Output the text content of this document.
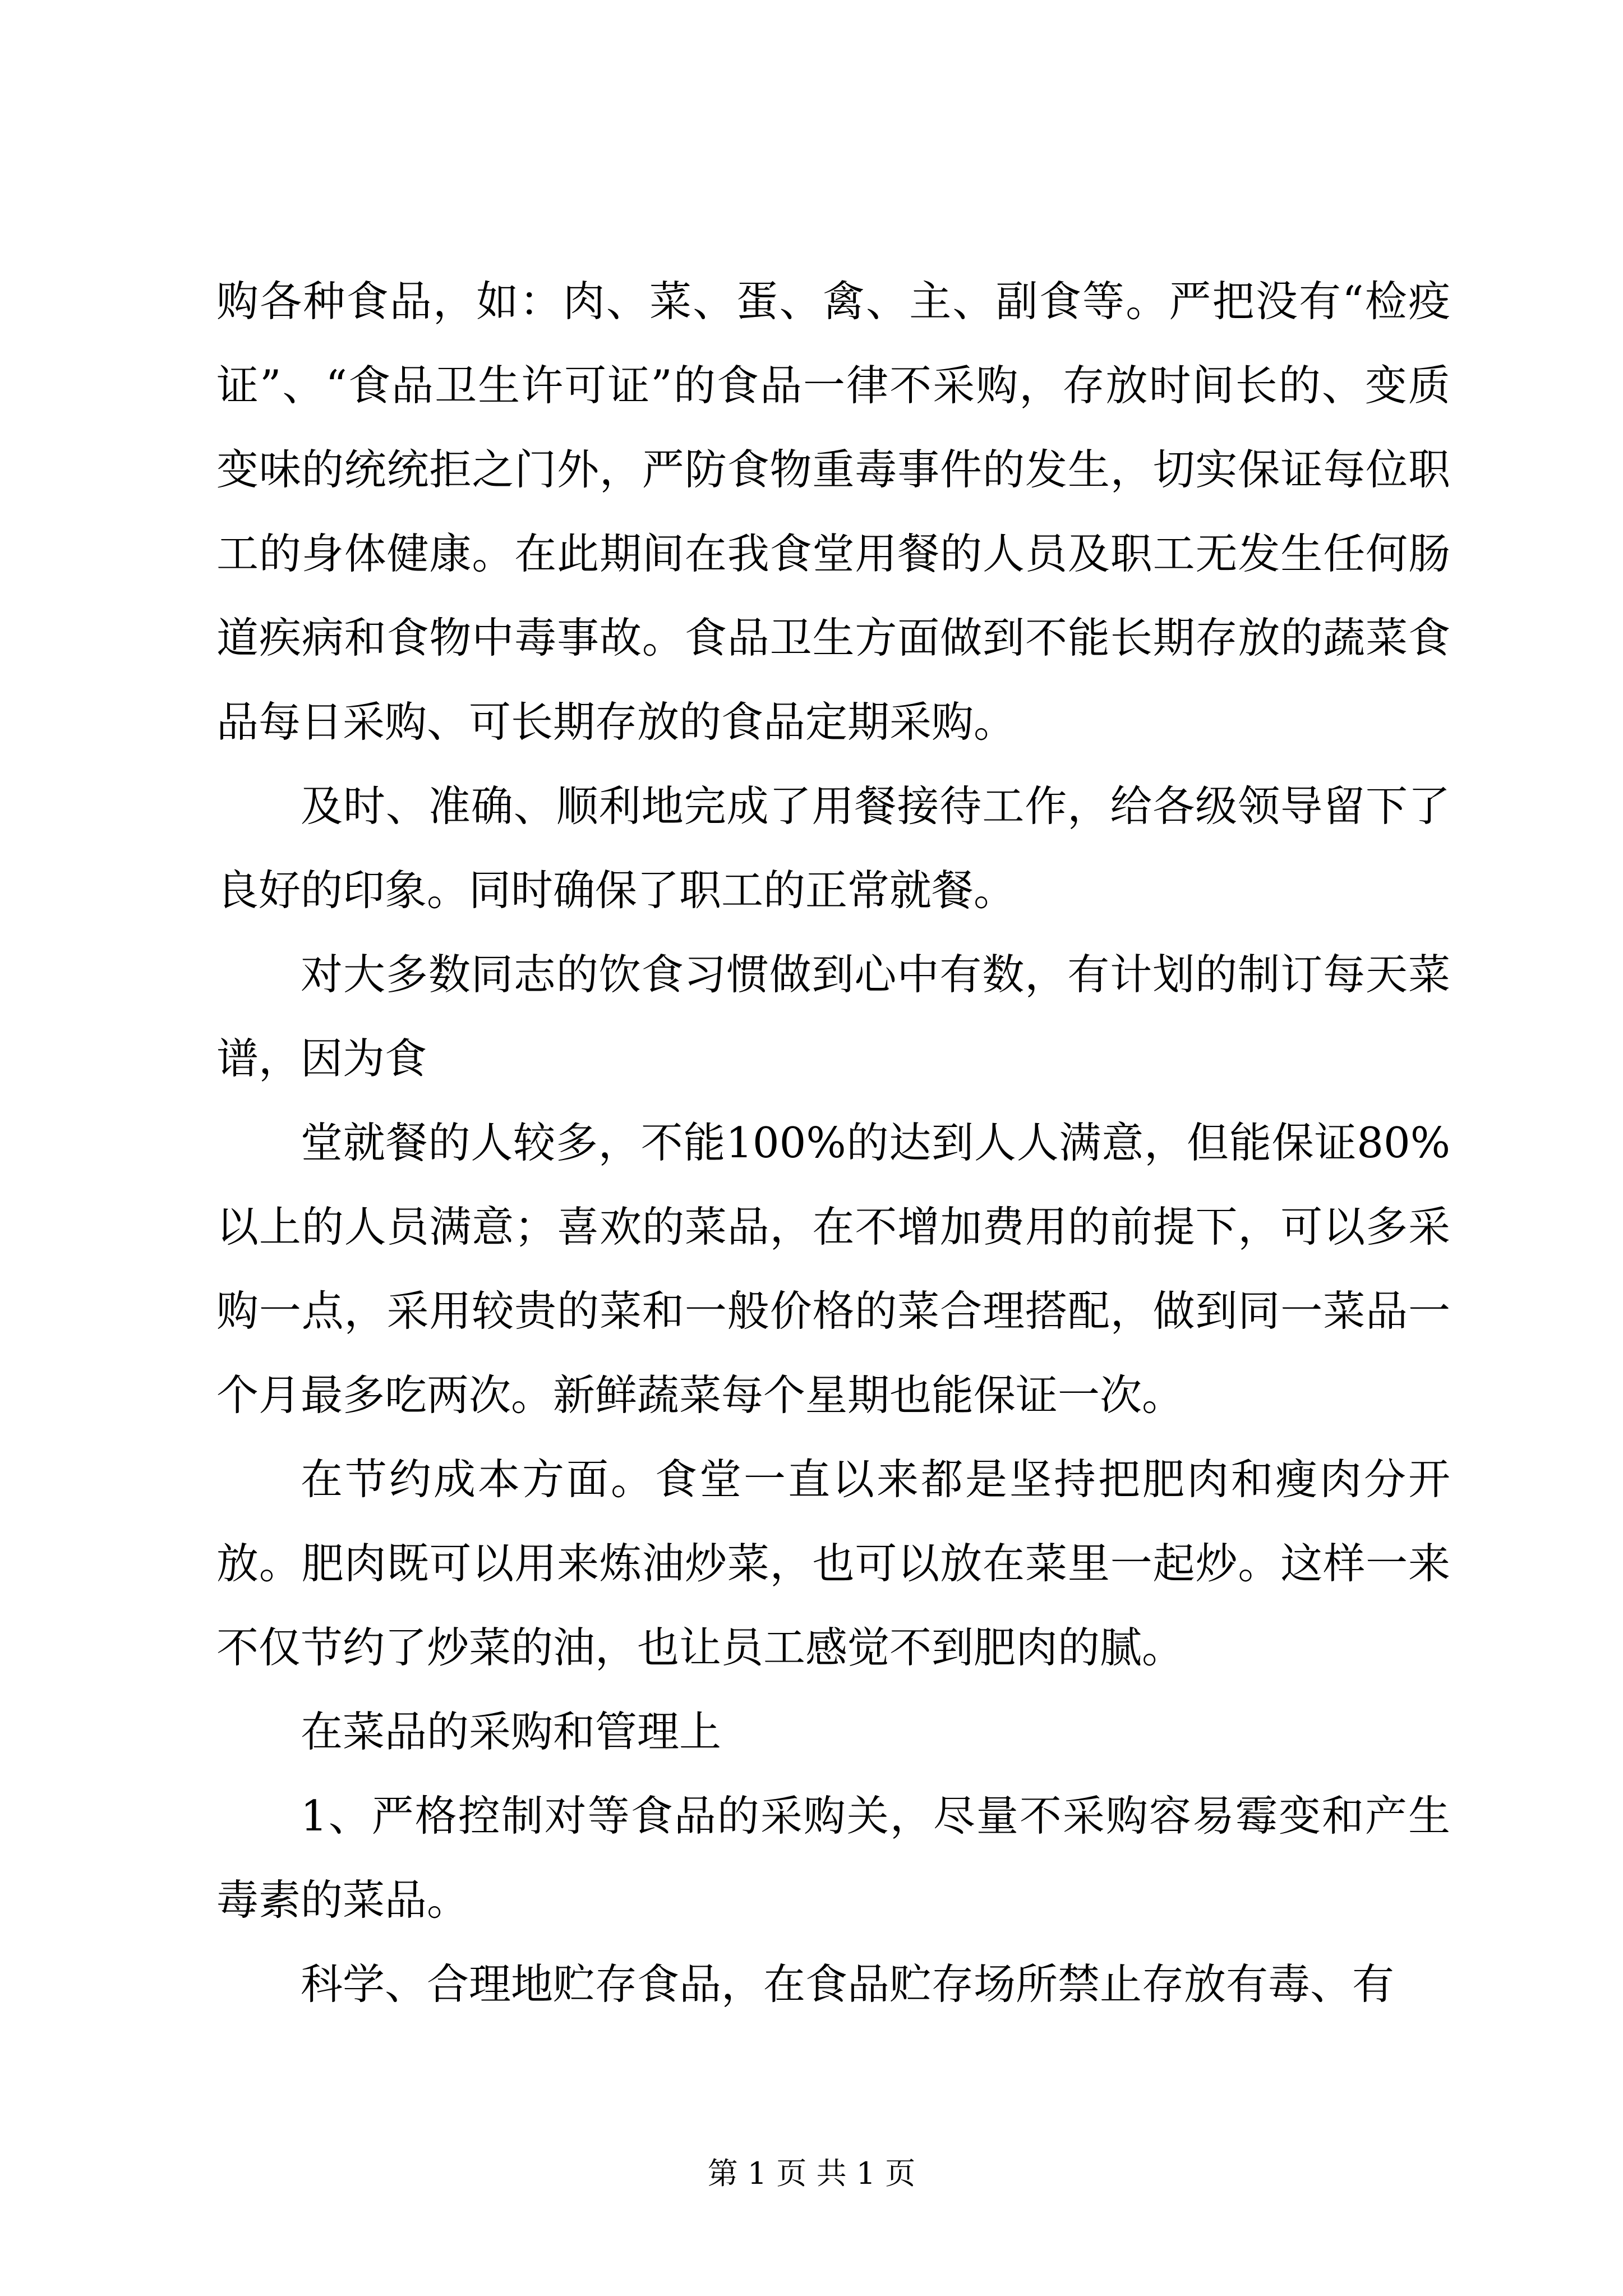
购各种食品，如：肉、菜、蛋、禽、主、副食等。严把没有“检疫证”、“食品卫生许可证”的食品一律不采购，存放时间长的、变质变味的统统拒之门外，严防食物重毒事件的发生，切实保证每位职工的身体健康。在此期间在我食堂用餐的人员及职工无发生任何肠道疾病和食物中毒事故。食品卫生方面做到不能长期存放的蔬菜食品每日采购、可长期存放的食品定期采购。

及时、准确、顺利地完成了用餐接待工作，给各级领导留下了良好的印象。同时确保了职工的正常就餐。

对大多数同志的饮食习惯做到心中有数，有计划的制订每天菜谱，因为食

堂就餐的人较多，不能100%的达到人人满意，但能保证80%以上的人员满意；喜欢的菜品，在不增加费用的前提下，可以多采购一点，采用较贵的菜和一般价格的菜合理搭配，做到同一菜品一个月最多吃两次。新鲜蔬菜每个星期也能保证一次。

在节约成本方面。食堂一直以来都是坚持把肥肉和瘦肉分开放。肥肉既可以用来炼油炒菜，也可以放在菜里一起炒。这样一来不仅节约了炒菜的油，也让员工感觉不到肥肉的腻。

在菜品的采购和管理上

1、严格控制对等食品的采购关，尽量不采购容易霉变和产生毒素的菜品。

科学、合理地贮存食品，在食品贮存场所禁止存放有毒、有

第 1 页 共 1 页
